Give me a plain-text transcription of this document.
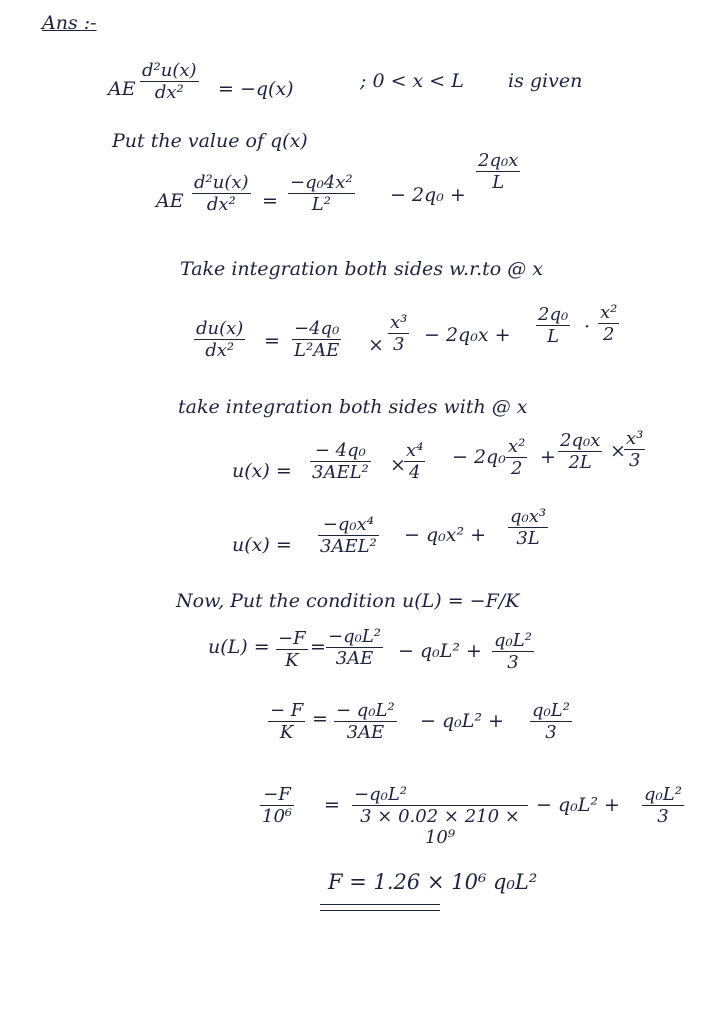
Ans :-
AE $\frac{\text{d²u(x)}}{\text{dx²}} = -q(x)$	; 0 < x < L is given
Put the value of q(x)
AE $\frac{\text{d²u(x)}}{\text{dx²}} = \frac{\text{−q₀4x²}}{\text{L²}} - 2q_0$ +
$\frac{\text{2q₀x}}{L}$
Take integration both sides w.r.to @ x
$\frac{du(x)}{\text{dx²}} = \frac{\text{−4q₀}}{\text{L²AE}} \times \frac{\text{x³}}{3} - 2q_0x + \frac{\text{2q₀}}{L} \cdot \frac{\text{x²}}{2}$
take integration both sides with @ x
u(x) =
− 4q₀
3AEL² ×
$\frac{\text{x⁴}}{4} - 2q_0 \frac{\text{x²}}{2} + \frac{\text{2q₀x}}{2L}$ ×
$\frac{\text{x³}}{3}$
u(x) =
−q₀x⁴
3AEL²
− $q_0x^2 + \frac{\text{q₀x³}}{3L}$
Now, Put the condition u(L) = −F/K
$u(L) = \frac{-F}{K} = \frac{\text{−q₀L²}}{3AE} - q_0L^2 + \frac{\text{q₀L²}}{3}$
$\frac{- F}{K} = \frac{\text{− q₀L²}}{3AE} - q_0L^2 + \frac{\text{q₀L²}}{3}$
$\frac{-F}{\text{10⁶}} = \frac{\text{−q₀L²}}{\text{3 × 0.02 × 210 × 10⁹}} - q_0L^2 + \frac{\text{q₀L²}}{3}$
F = 1.26 × 10⁶ q₀L²
